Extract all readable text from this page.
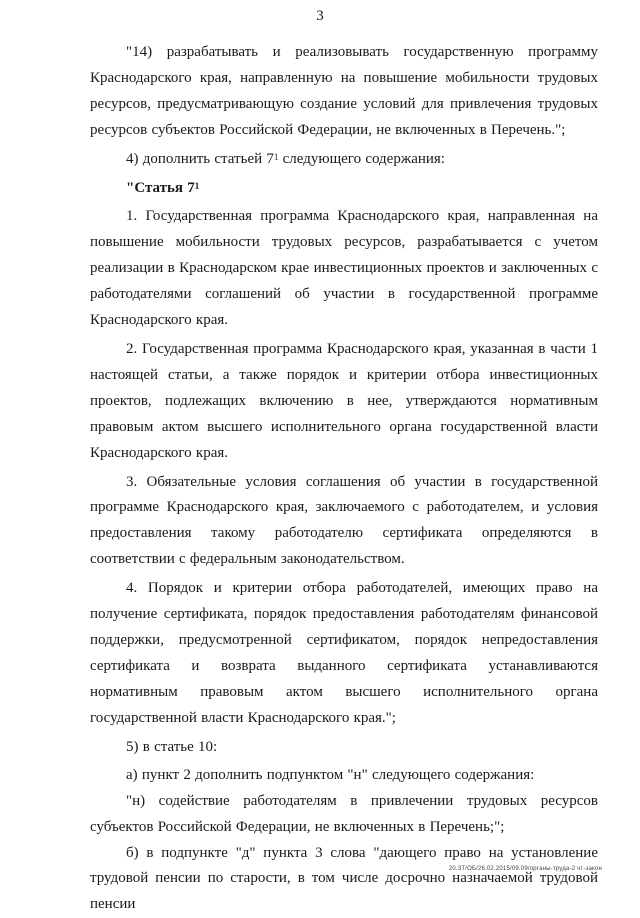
3

"14) разрабатывать и реализовывать государственную программу Краснодарского края, направленную на повышение мобильности трудовых ресурсов, предусматривающую создание условий для привлечения трудовых ресурсов субъектов Российской Федерации, не включенных в Перечень.";

4) дополнить статьей $7^1$ следующего содержания:

"Статья $7^1$

1. Государственная программа Краснодарского края, направленная на повышение мобильности трудовых ресурсов, разрабатывается с учетом реализации в Краснодарском крае инвестиционных проектов и заключенных с работодателями соглашений об участии в государственной программе Краснодарского края.

2. Государственная программа Краснодарского края, указанная в части 1 настоящей статьи, а также порядок и критерии отбора инвестиционных проектов, подлежащих включению в нее, утверждаются нормативным правовым актом высшего исполнительного органа государственной власти Краснодарского края.

3. Обязательные условия соглашения об участии в государственной программе Краснодарского края, заключаемого с работодателем, и условия предоставления такому работодателю сертификата определяются в соответствии с федеральным законодательством.

4. Порядок и критерии отбора работодателей, имеющих право на получение сертификата, порядок предоставления работодателям финансовой поддержки, предусмотренной сертификатом, порядок непредоставления сертификата и возврата выданного сертификата устанавливаются нормативным правовым актом высшего исполнительного органа государственной власти Краснодарского края.";

5) в статье 10:

а) пункт 2 дополнить подпунктом "н" следующего содержания:

"н) содействие работодателям в привлечении трудовых ресурсов субъектов Российской Федерации, не включенных в Перечень;";

б) в подпункте "д" пункта 3 слова "дающего право на установление трудовой пенсии по старости, в том числе досрочно назначаемой трудовой пенсии

20.3T/ОБ/26.02.2015/09.09/органы-труда-2 чт-закон
